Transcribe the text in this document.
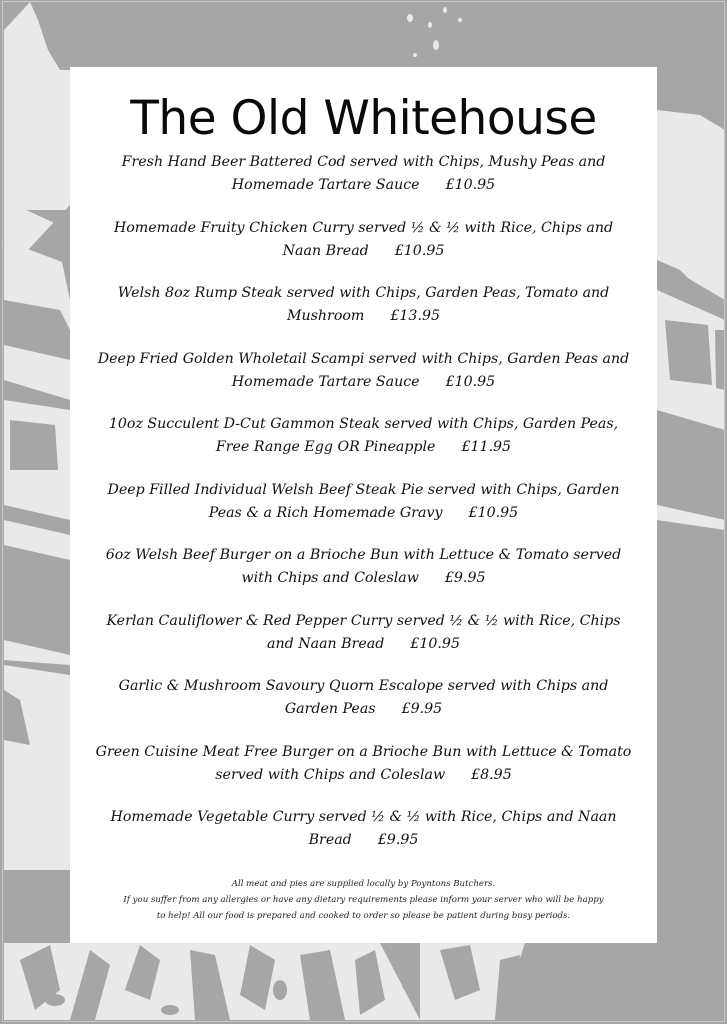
The Old Whitehouse
Fresh Hand Beer Battered Cod served with Chips, Mushy Peas and
Homemade Tartare Sauce £10.95
Homemade Fruity Chicken Curry served ½ & ½ with Rice, Chips and
Naan Bread £10.95
Welsh 8oz Rump Steak served with Chips, Garden Peas, Tomato and
Mushroom £13.95
Deep Fried Golden Wholetail Scampi served with Chips, Garden Peas and
Homemade Tartare Sauce £10.95
10oz Succulent D-Cut Gammon Steak served with Chips, Garden Peas,
Free Range Egg OR Pineapple £11.95
Deep Filled Individual Welsh Beef Steak Pie served with Chips, Garden
Peas & a Rich Homemade Gravy £10.95
6oz Welsh Beef Burger on a Brioche Bun with Lettuce & Tomato served
with Chips and Coleslaw £9.95
Kerlan Cauliflower & Red Pepper Curry served ½ & ½ with Rice, Chips
and Naan Bread £10.95
Garlic & Mushroom Savoury Quorn Escalope served with Chips and
Garden Peas £9.95
Green Cuisine Meat Free Burger on a Brioche Bun with Lettuce & Tomato
served with Chips and Coleslaw £8.95
Homemade Vegetable Curry served ½ & ½ with Rice, Chips and Naan
Bread £9.95
All meat and pies are supplied locally by Poyntons Butchers.
If you suffer from any allergies or have any dietary requirements please inform your server who will be happy
to help! All our food is prepared and cooked to order so please be patient during busy periods.
